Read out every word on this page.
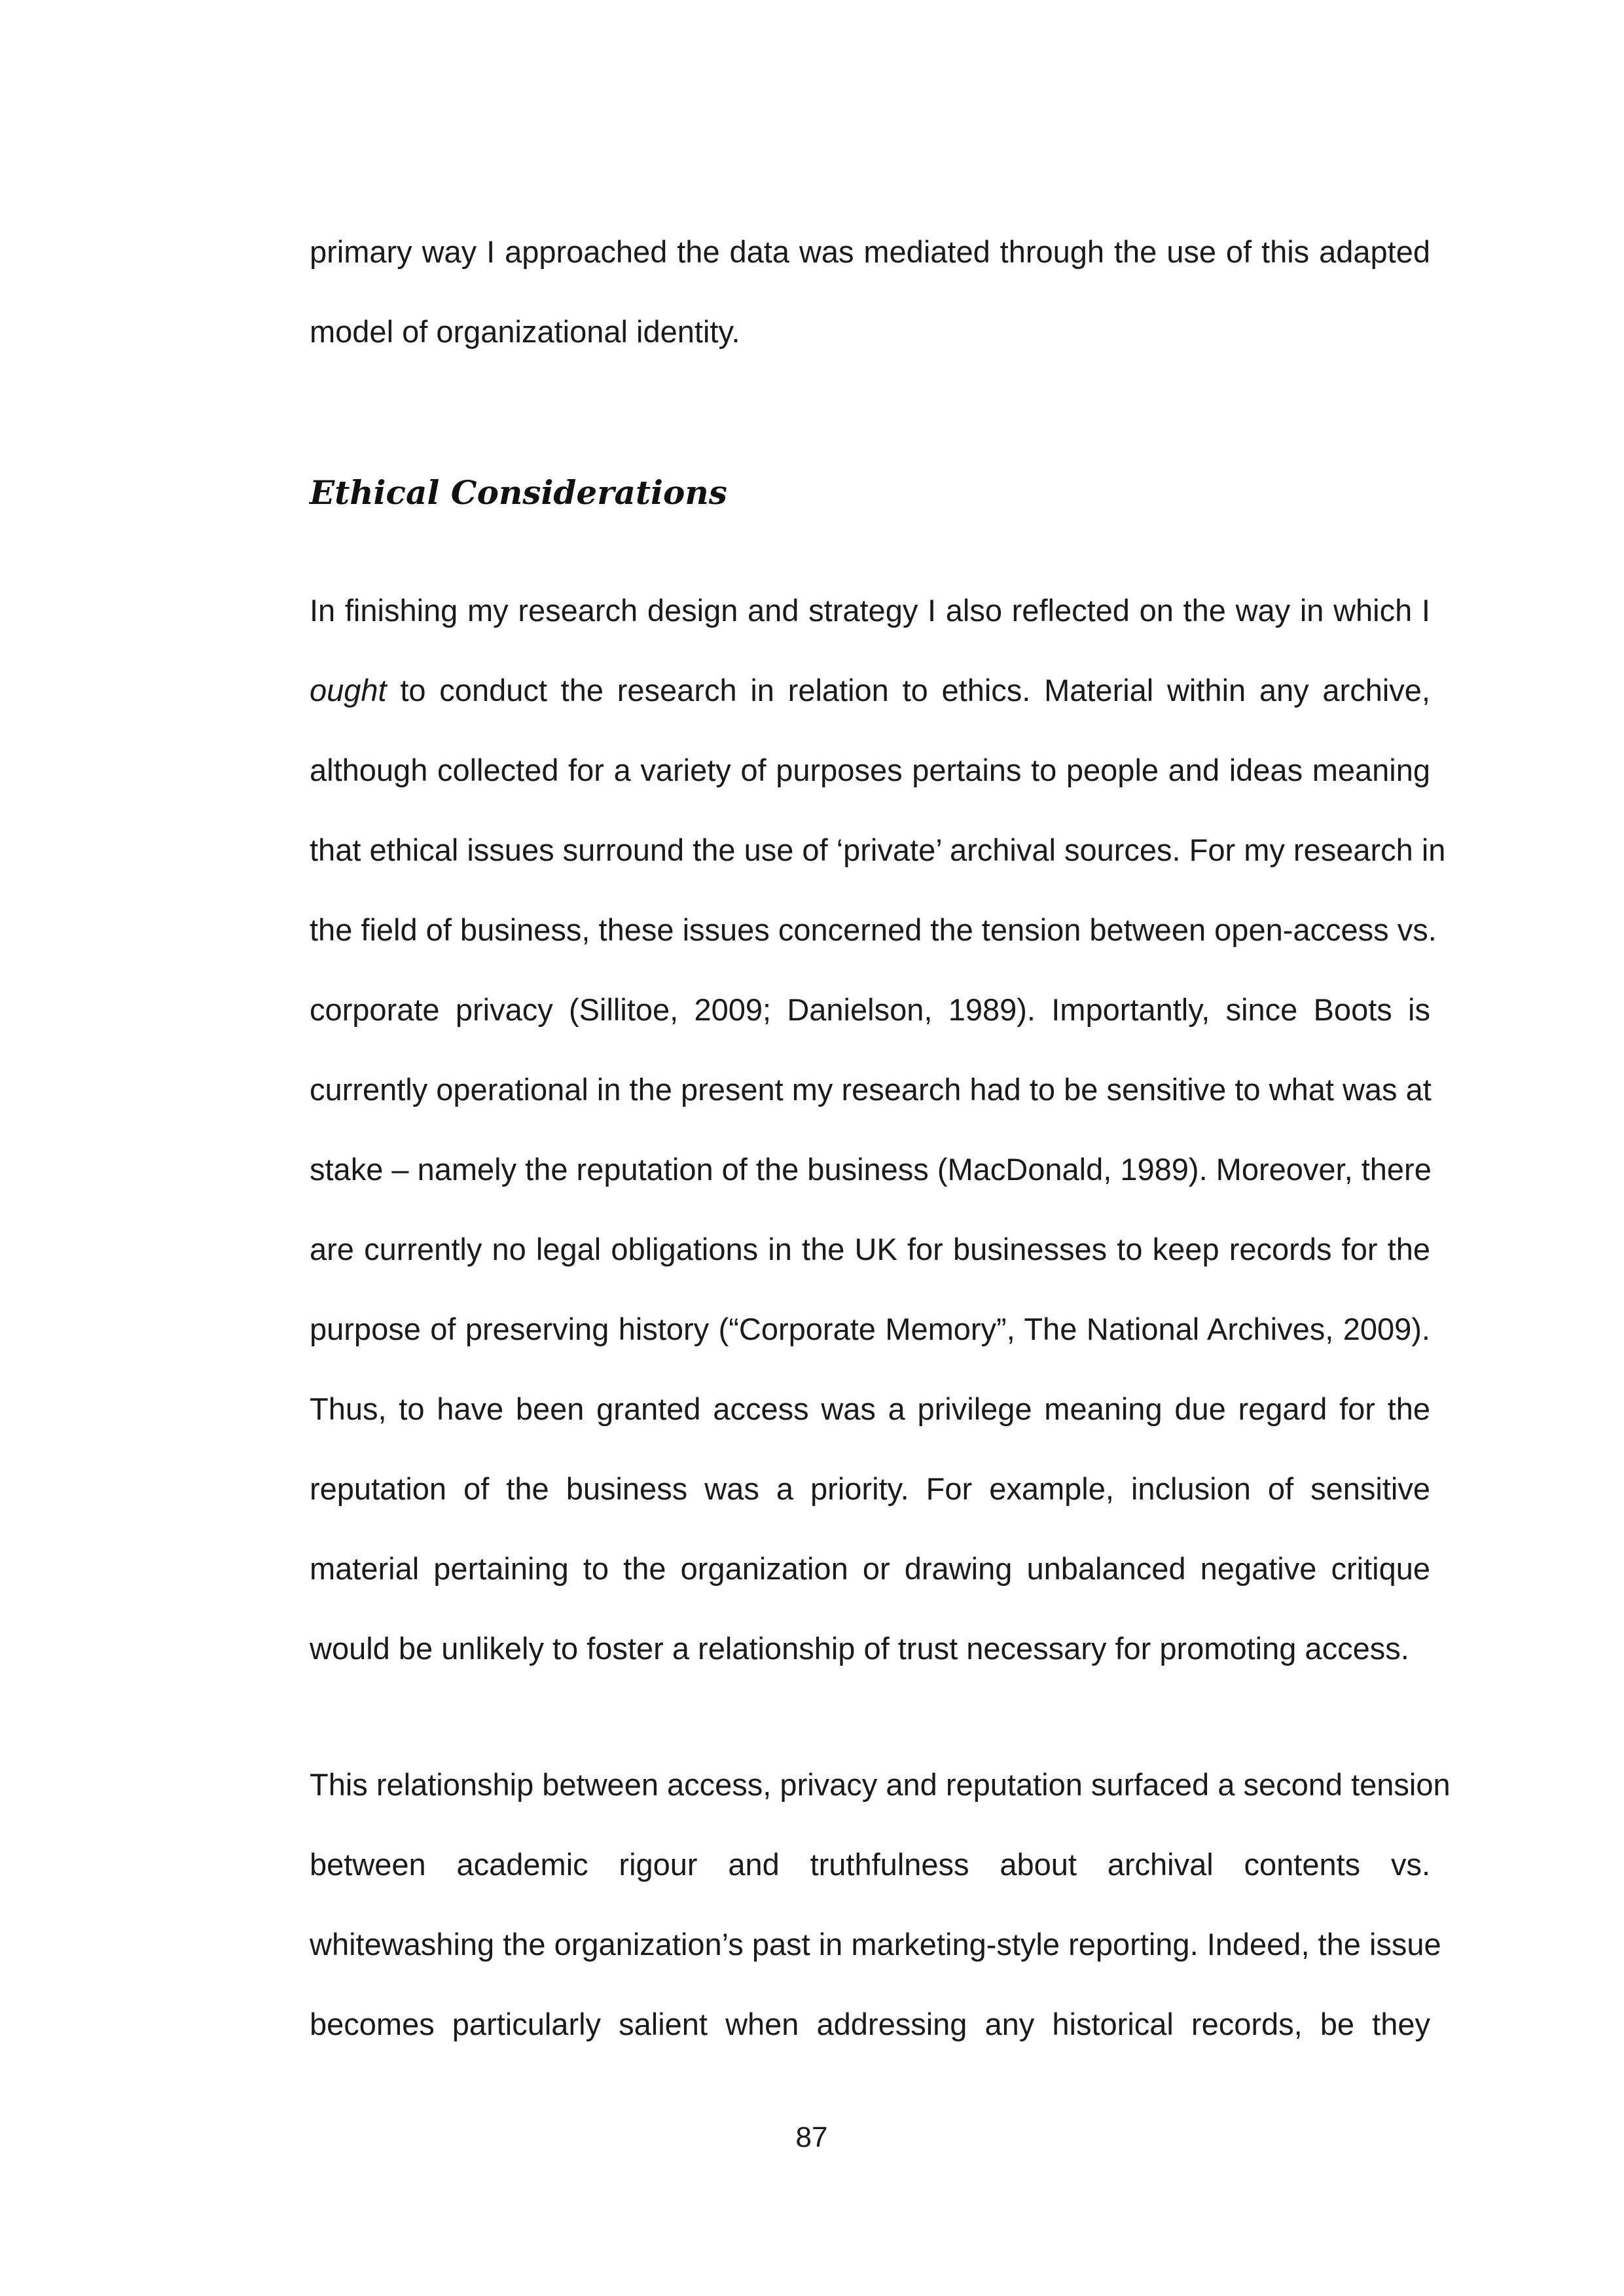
primary way I approached the data was mediated through the use of this adapted
model of organizational identity.
Ethical Considerations
In finishing my research design and strategy I also reflected on the way in which I
ought to conduct the research in relation to ethics. Material within any archive,
although collected for a variety of purposes pertains to people and ideas meaning
that ethical issues surround the use of ‘private’ archival sources. For my research in
the field of business, these issues concerned the tension between open-access vs.
corporate privacy (Sillitoe, 2009; Danielson, 1989). Importantly, since Boots is
currently operational in the present my research had to be sensitive to what was at
stake – namely the reputation of the business (MacDonald, 1989). Moreover, there
are currently no legal obligations in the UK for businesses to keep records for the
purpose of preserving history (“Corporate Memory”, The National Archives, 2009).
Thus, to have been granted access was a privilege meaning due regard for the
reputation of the business was a priority. For example, inclusion of sensitive
material pertaining to the organization or drawing unbalanced negative critique
would be unlikely to foster a relationship of trust necessary for promoting access.
This relationship between access, privacy and reputation surfaced a second tension
between academic rigour and truthfulness about archival contents vs.
whitewashing the organization’s past in marketing-style reporting. Indeed, the issue
becomes particularly salient when addressing any historical records, be they
87
